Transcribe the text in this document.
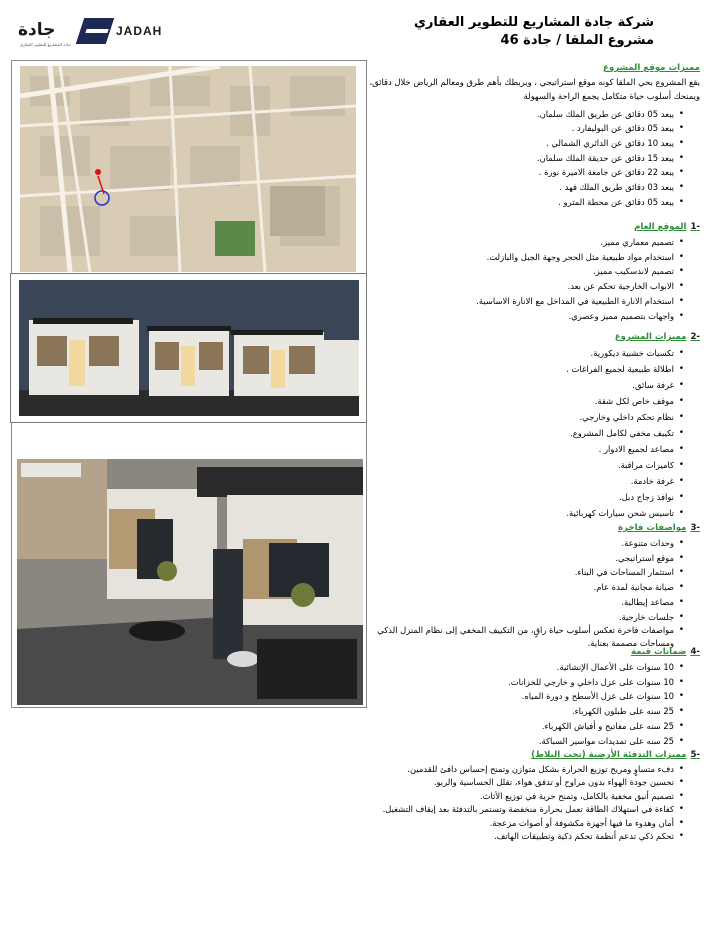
جادة	JADAH
جادة المشاريع للتطوير العقاري
شركة جادة المشاريع للتطوير العقاري
مشروع الملقا / جادة 46
مميزات موقع المشروع
يقع المشروع بحي الملقا كونه موقع استراتيجي ، ويربطك بأهم طرق ومعالم الرياض خلال دقائق، ويمنحك أسلوب حياة متكامل يجمع الراحة والسهولة
• يبعد 05 دقائق عن طريق الملك سلمان.
• يبعد 05 دقائق عن البوليفارد .
• يبعد 10 دقائق عن الدائري الشمالي .
• يبعد 15 دقائق عن حديقة الملك سلمان.
• يبعد 22 دقائق عن جامعة الاميرة نورة .
• يبعد 03 دقائق طريق الملك فهد .
• يبعد 05 دقائق عن محطة المترو .
-1الموقع العام
• تصميم معماري مميز.
• استخدام مواد طبيعية مثل الحجر وجهة الجبل والبازلت.
• تصميم لاندسكيب مميز.
• الابواب الخارجية تحكم عن بعد.
• استخدام الانارة الطبيعية في المداخل مع الانارة الاساسية.
• واجهات بتصميم مميز وعصري.
-2مميزات المشروع
• تكسيات خشبية ديكورية.
• اطلالة طبيعية لجميع الفراغات .
• غرفة سائق.
• موقف خاص لكل شقة.
• نظام تحكم داخلي وخارجي.
• تكييف مخفي لكامل المشروع.
• مصاعد لجميع الادوار .
• كاميرات مراقبة.
• غرفة خادمة.
• نوافذ زجاج دبل.
• تاسيس شحن سيارات كهربائية.
-3مواصفات فاخرة
• وحدات متنوعة.
• موقع استراتيجي.
• استثمار المساحات في البناء.
• صيانة مجانية لمدة عام.
• مصاعد إيطالية.
• جلسات خارجية.
• مواصفات فاخرة تعكس أسلوب حياة راقٍ، من التكييف المخفي إلى نظام المنزل الذكي ومساحات مصممة بعناية.
-4ضمانات قيمة
• 10 سنوات على الأعمال الإنشائية.
• 10 سنوات على عزل داخلي و خارجي للخزانات.
• 10 سنوات على عزل الأسطح و دورة المياه.
• 25 سنه على طبلون الكهرباء.
• 25 سنه على مفاتيح و أفياش الكهرباء.
• 25 سنه على تمديدات مواسير السباكة.
-5مميزات التدفئة الأرضية (تحت البلاط)
• دفء متساوٍ ومريح توزيع الحرارة بشكل متوازن وتمنح إحساس دافئ للقدمين.
• تحسين جودة الهواء بدون مراوح أو تدفق هواء، تقلل الحساسية والربو.
• تصميم أنيق مخفية بالكامل، وتمنح حرية في توزيع الأثاث.
• كفاءة في استهلاك الطاقة تعمل بحرارة منخفضة وتستمر بالتدفئة بعد إيقاف التشغيل.
• أمان وهدوء ما فيها أجهزة مكشوفة أو أصوات مزعجة.
• تحكم ذكي تدعم أنظمة تحكم ذكية وتطبيقات الهاتف.
